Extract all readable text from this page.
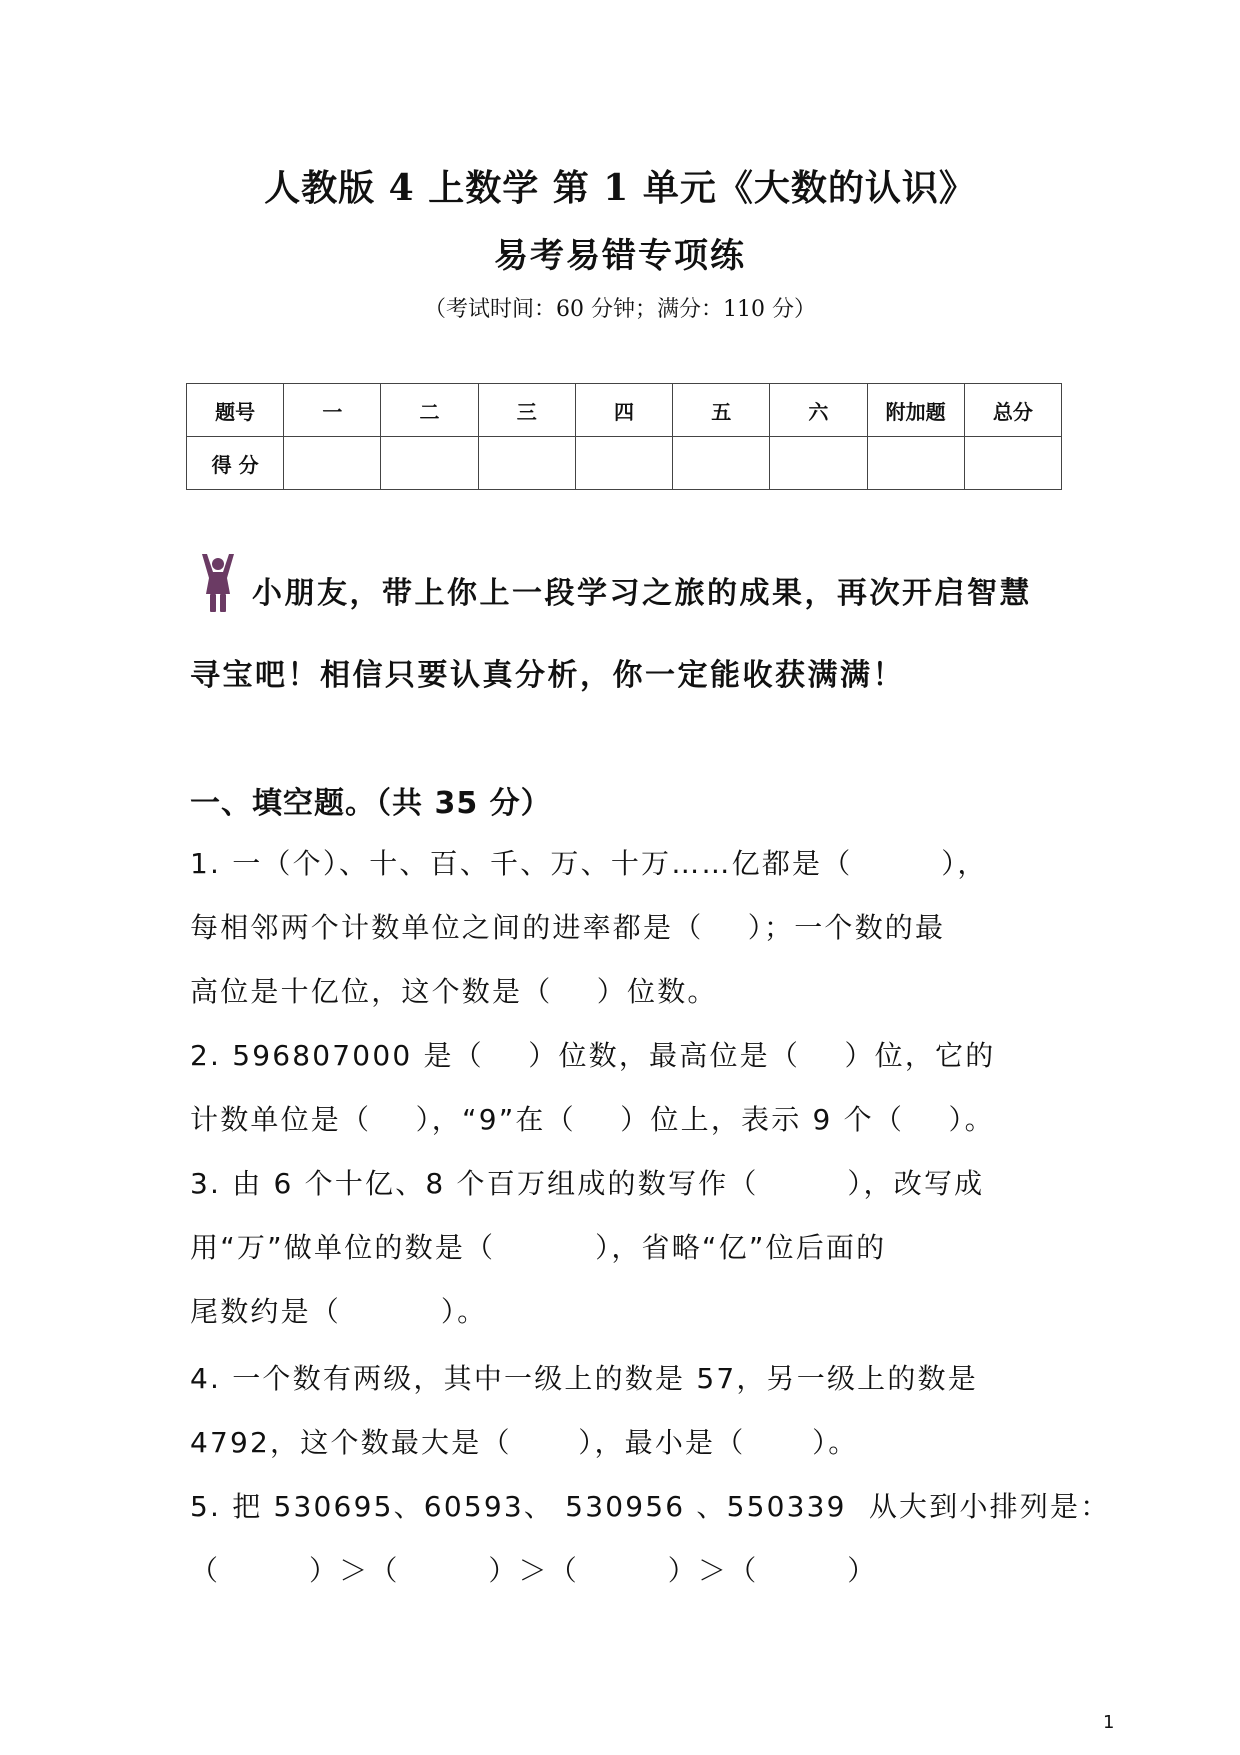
人教版 4 上数学 第 1 单元《大数的认识》
易考易错专项练
（考试时间：60 分钟；满分：110 分）
题号	一	二	三	四	五	六	附加题	总分
得 分								
小朋友，带上你上一段学习之旅的成果，再次开启智慧
寻宝吧！相信只要认真分析，你一定能收获满满！
一、填空题。（共 35 分）
1. 一（个）、十、百、千、万、十万……亿都是（        ），
每相邻两个计数单位之间的进率都是（    ）；一个数的最
高位是十亿位，这个数是（    ）位数。
2. 596807000 是（    ）位数，最高位是（    ）位，它的
计数单位是（    ），“9”在（    ）位上，表示 9 个（    ）。
3. 由 6 个十亿、8 个百万组成的数写作（        ），改写成
用“万”做单位的数是（         ），省略“亿”位后面的
尾数约是（         ）。
4. 一个数有两级，其中一级上的数是 57，另一级上的数是
4792，这个数最大是（      ），最小是（      ）。
5. 把 530695、60593、 530956 、550339  从大到小排列是：
（        ）＞（        ）＞（        ）＞（        ）
1
